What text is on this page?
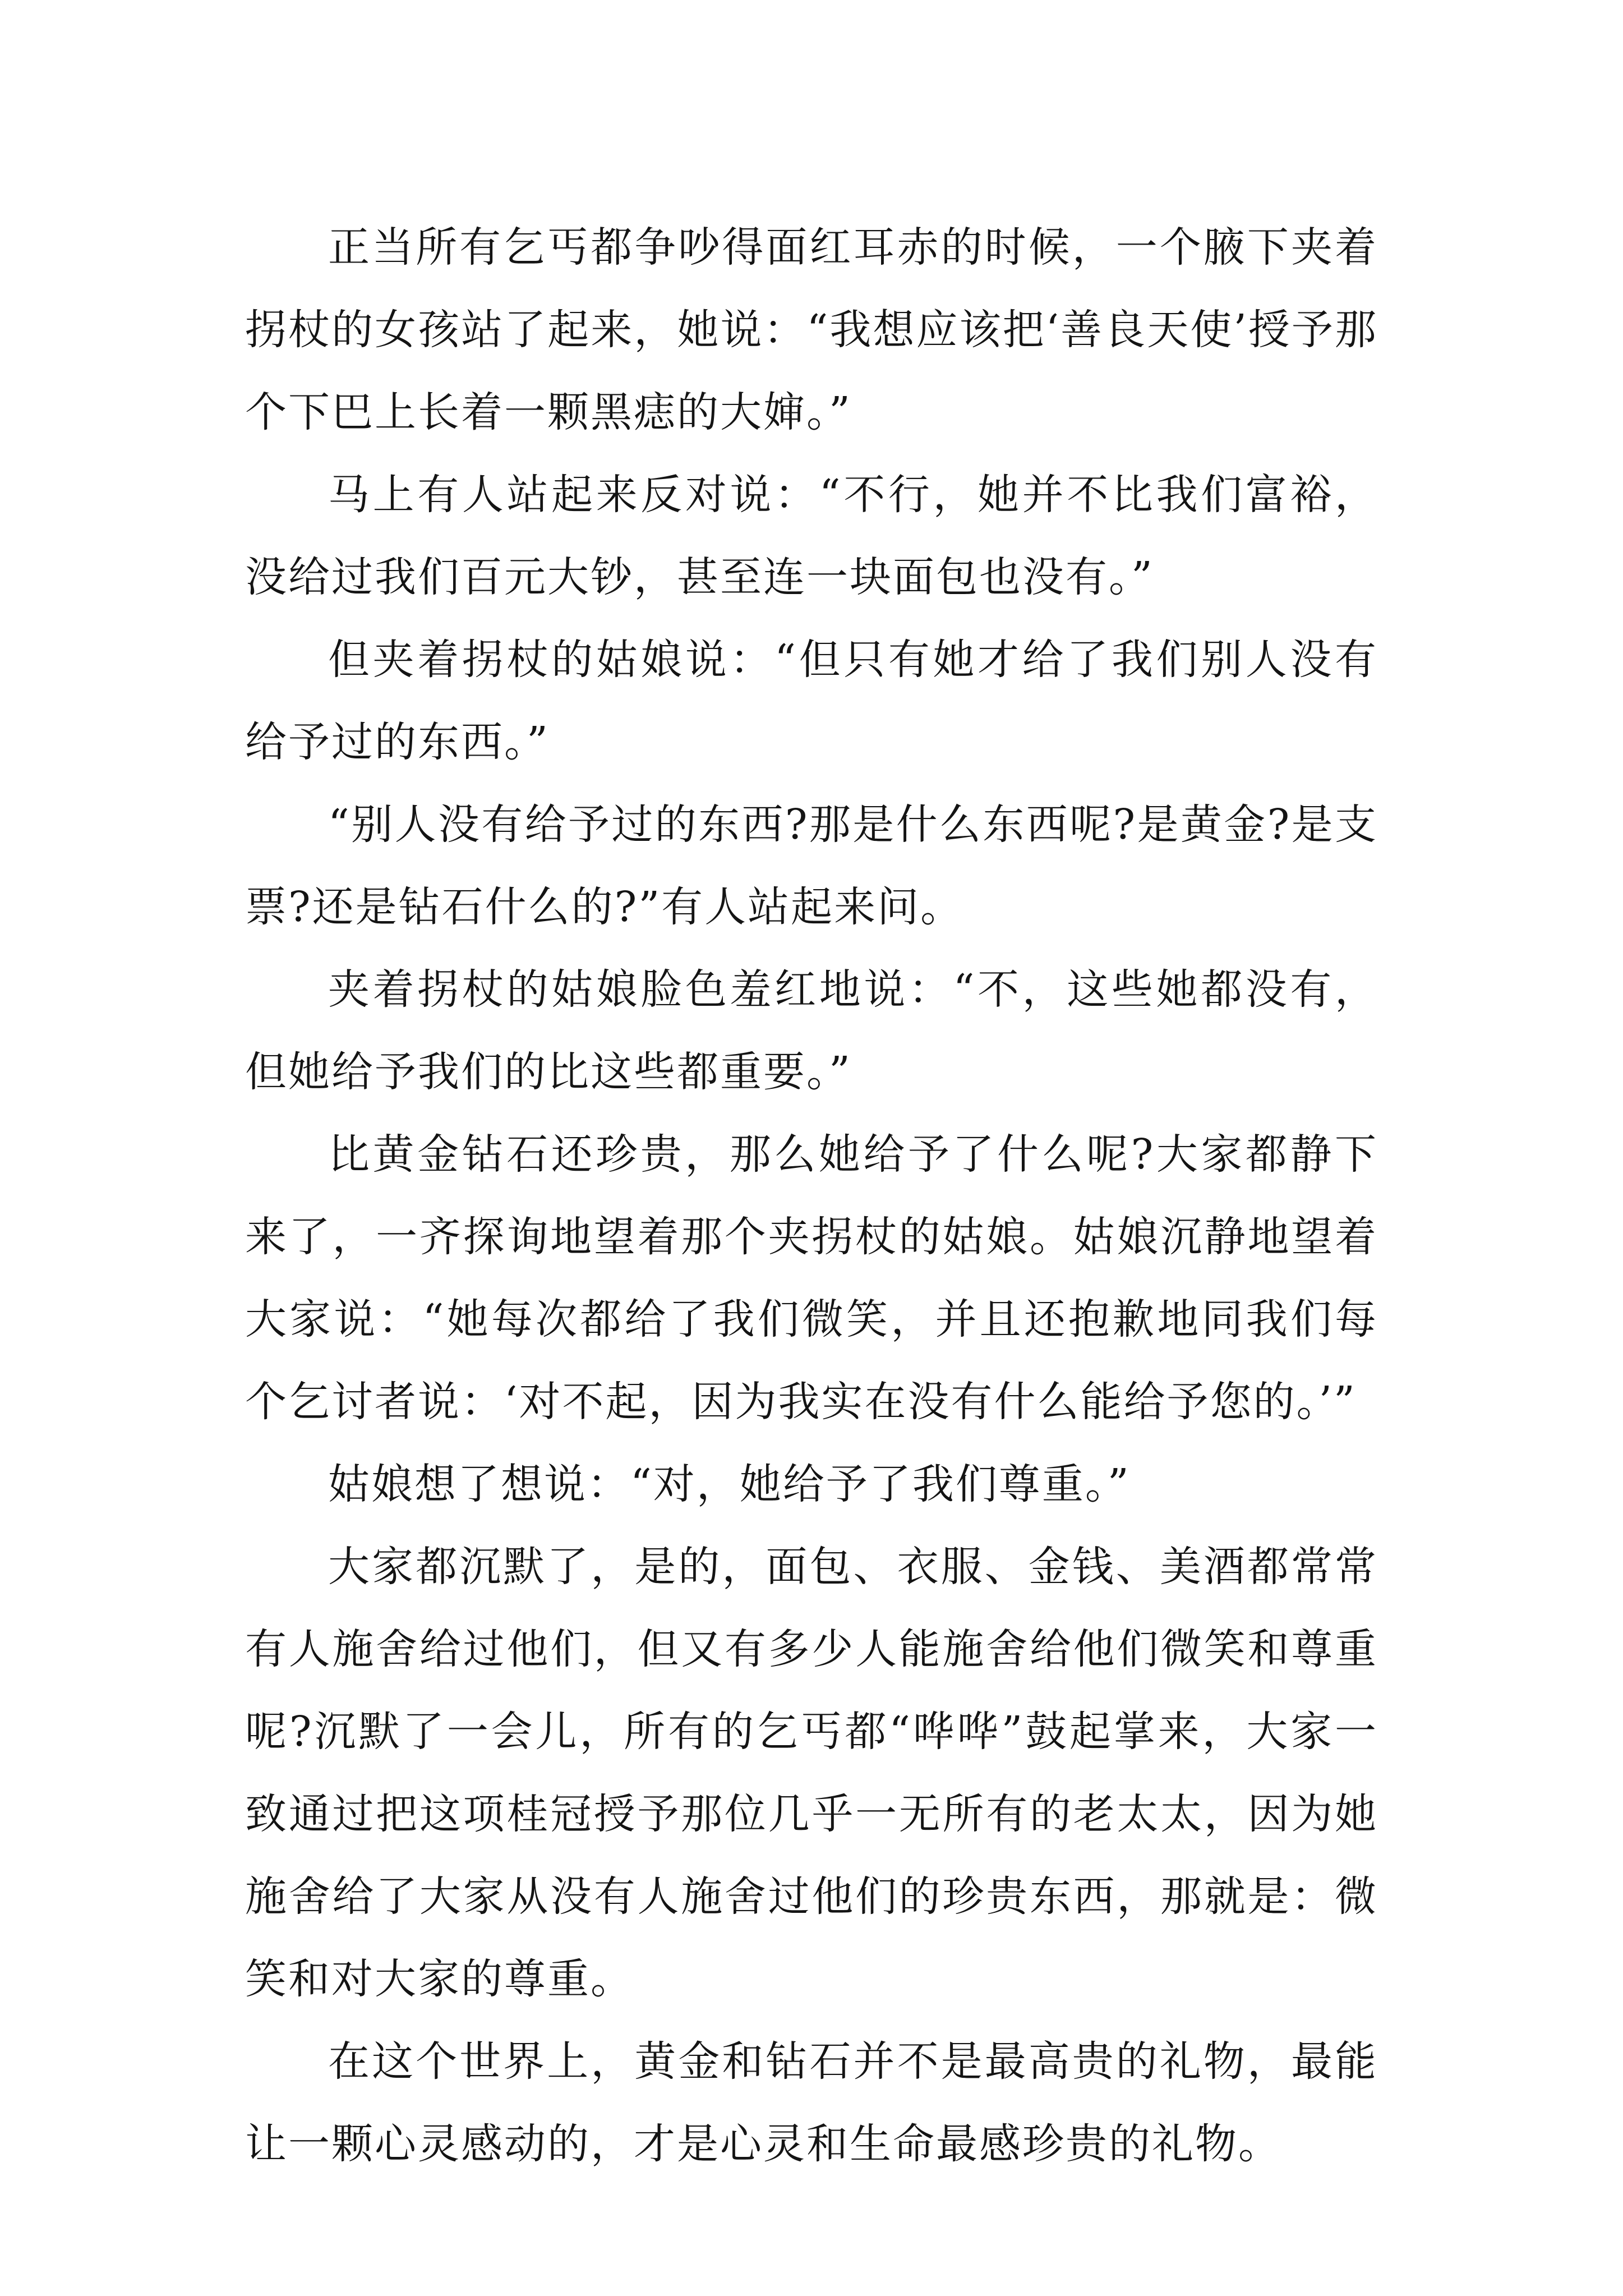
正当所有乞丐都争吵得面红耳赤的时候，一个腋下夹着拐杖的女孩站了起来，她说：“我想应该把‘善良天使’授予那个下巴上长着一颗黑痣的大婶。”

马上有人站起来反对说：“不行，她并不比我们富裕，没给过我们百元大钞，甚至连一块面包也没有。”

但夹着拐杖的姑娘说：“但只有她才给了我们别人没有给予过的东西。”

“别人没有给予过的东西?那是什么东西呢?是黄金?是支票?还是钻石什么的?”有人站起来问。

夹着拐杖的姑娘脸色羞红地说：“不，这些她都没有，但她给予我们的比这些都重要。”

比黄金钻石还珍贵，那么她给予了什么呢?大家都静下来了，一齐探询地望着那个夹拐杖的姑娘。姑娘沉静地望着大家说：“她每次都给了我们微笑，并且还抱歉地同我们每个乞讨者说：‘对不起，因为我实在没有什么能给予您的。’”

姑娘想了想说：“对，她给予了我们尊重。”

大家都沉默了，是的，面包、衣服、金钱、美酒都常常有人施舍给过他们，但又有多少人能施舍给他们微笑和尊重呢?沉默了一会儿，所有的乞丐都“哗哗”鼓起掌来，大家一致通过把这项桂冠授予那位几乎一无所有的老太太，因为她施舍给了大家从没有人施舍过他们的珍贵东西，那就是：微笑和对大家的尊重。

在这个世界上，黄金和钻石并不是最高贵的礼物，最能让一颗心灵感动的，才是心灵和生命最感珍贵的礼物。
